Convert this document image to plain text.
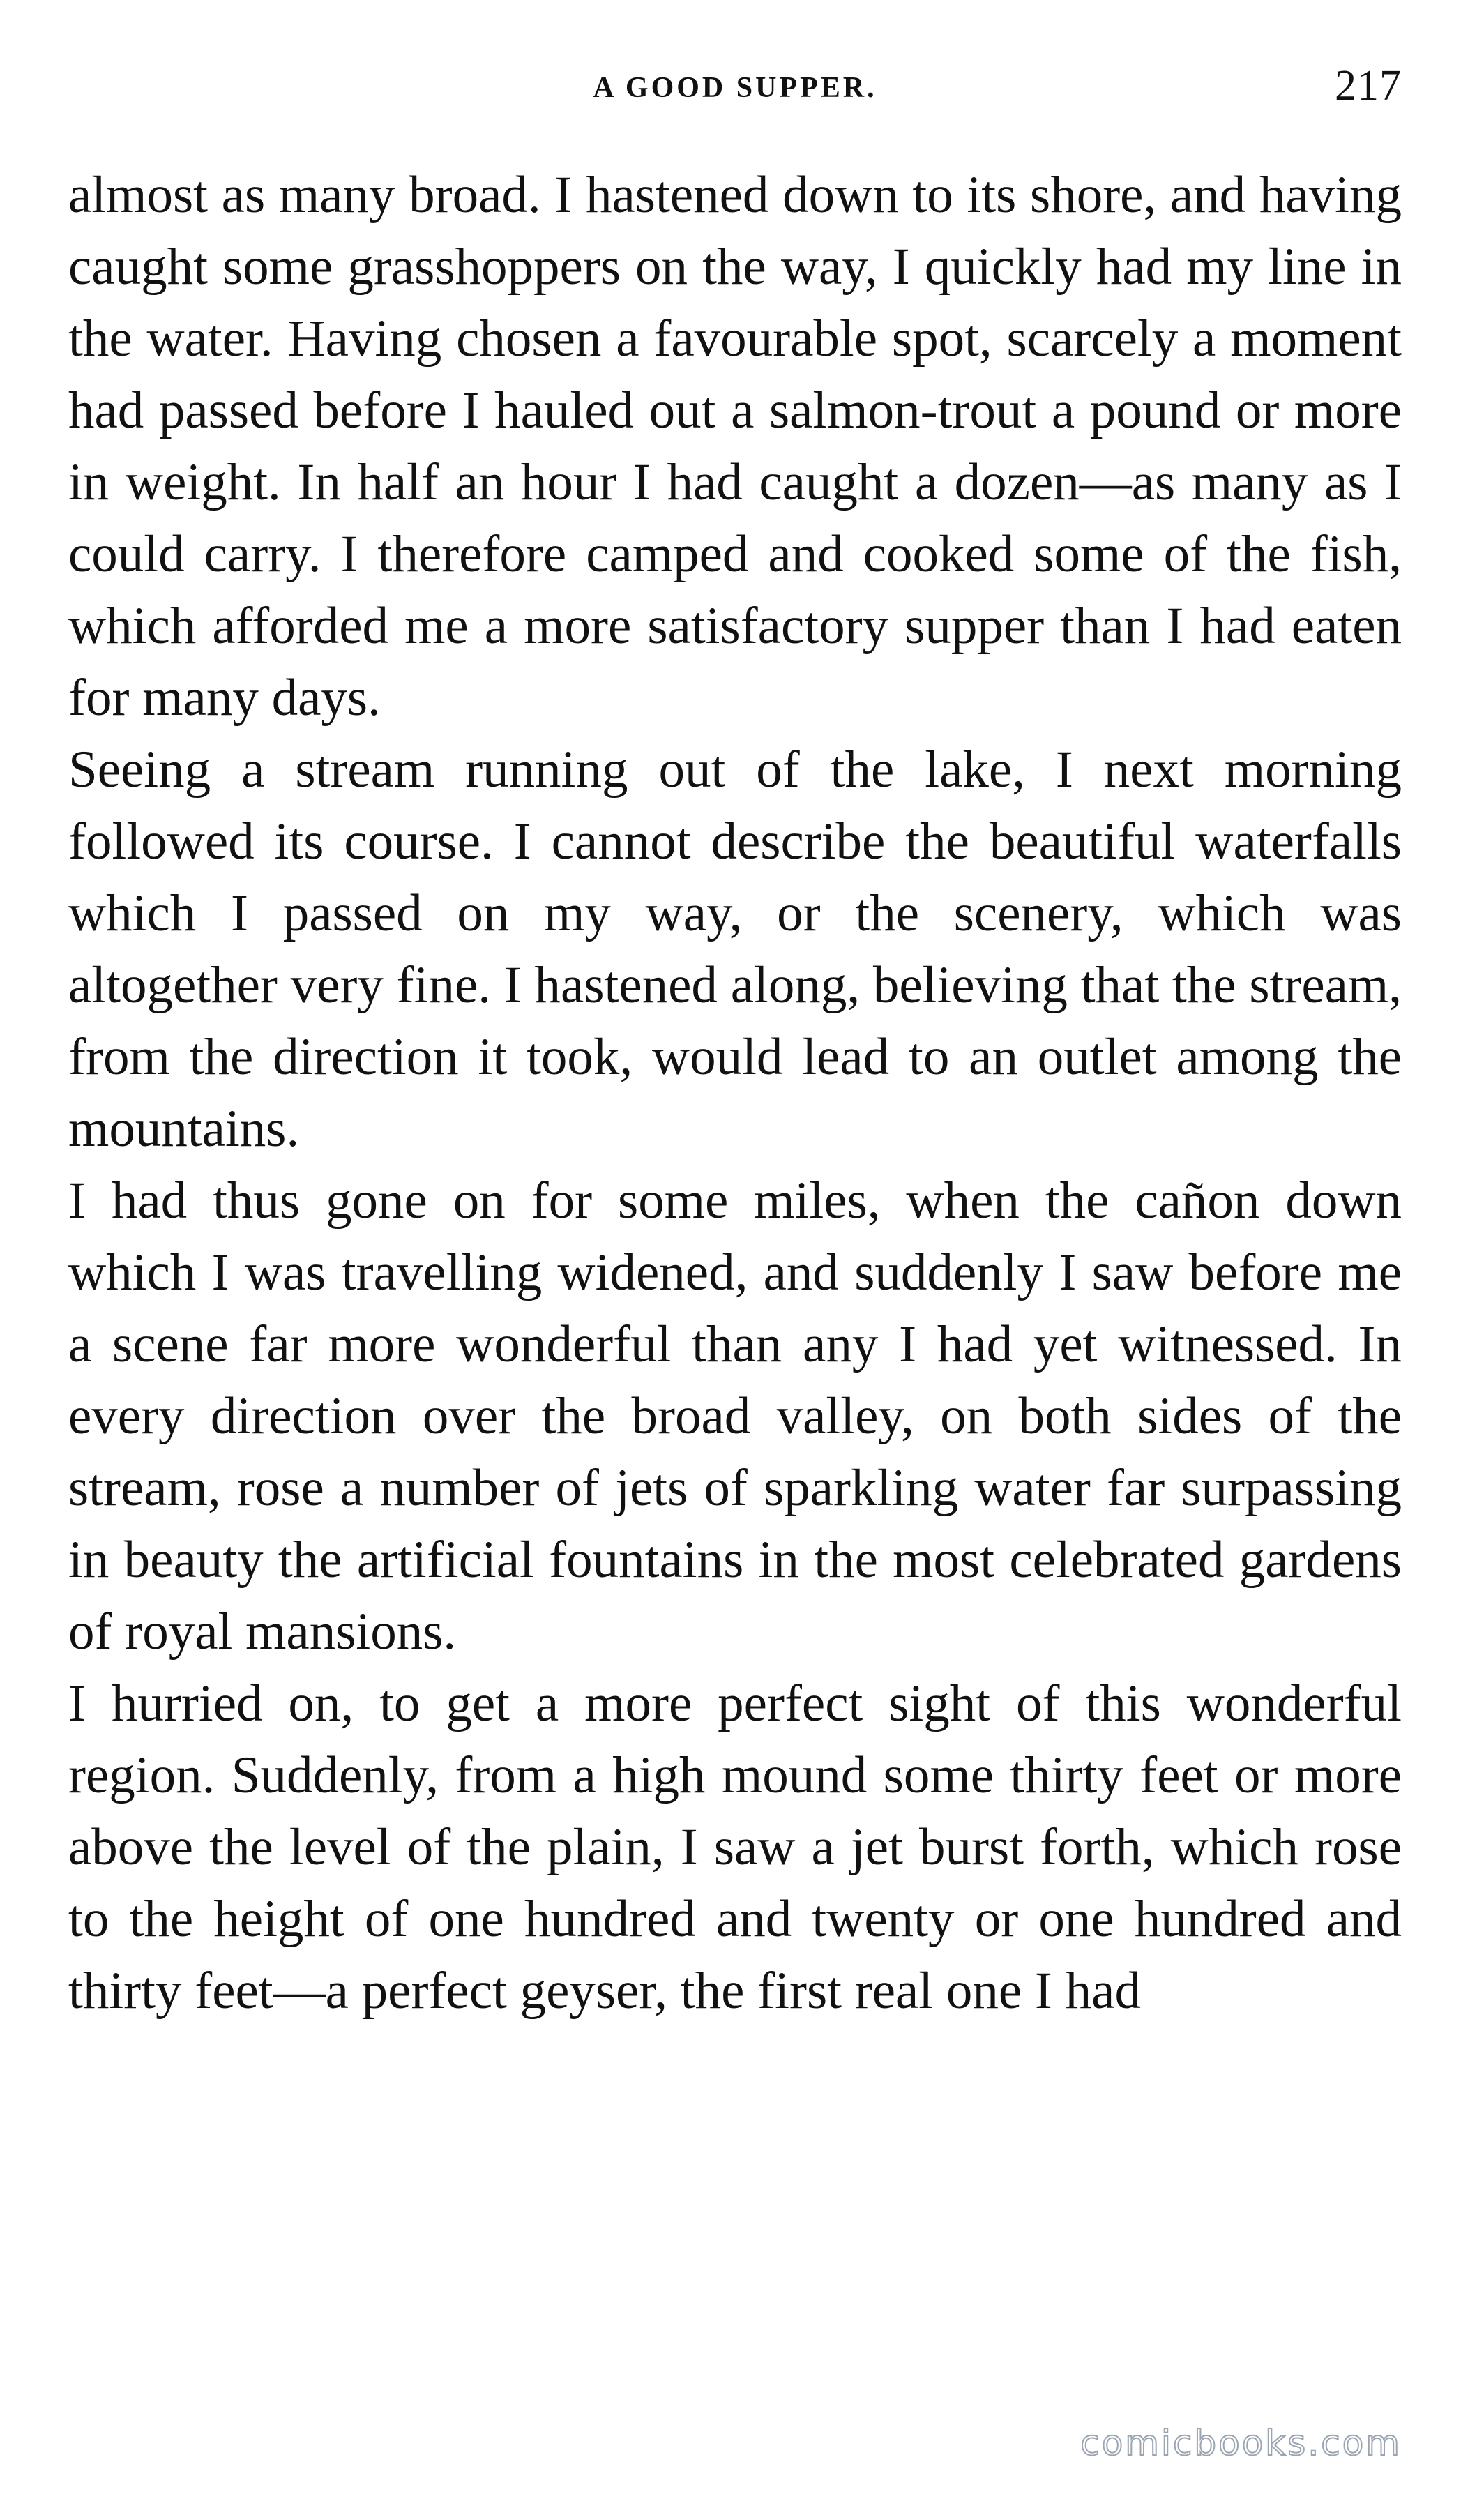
A GOOD SUPPER.	217

almost as many broad. I hastened down to its shore, and having caught some grasshoppers on the way, I quickly had my line in the water. Having chosen a favourable spot, scarcely a moment had passed before I hauled out a salmon-trout a pound or more in weight. In half an hour I had caught a dozen—as many as I could carry. I therefore camped and cooked some of the fish, which afforded me a more satisfactory supper than I had eaten for many days.

Seeing a stream running out of the lake, I next morning followed its course. I cannot describe the beautiful waterfalls which I passed on my way, or the scenery, which was altogether very fine. I hastened along, believing that the stream, from the direction it took, would lead to an outlet among the mountains.

I had thus gone on for some miles, when the cañon down which I was travelling widened, and suddenly I saw before me a scene far more wonderful than any I had yet witnessed. In every direction over the broad valley, on both sides of the stream, rose a number of jets of sparkling water far surpassing in beauty the artificial fountains in the most celebrated gardens of royal mansions.

I hurried on, to get a more perfect sight of this wonderful region. Suddenly, from a high mound some thirty feet or more above the level of the plain, I saw a jet burst forth, which rose to the height of one hundred and twenty or one hundred and thirty feet—a perfect geyser, the first real one I had

comicbooks.com
